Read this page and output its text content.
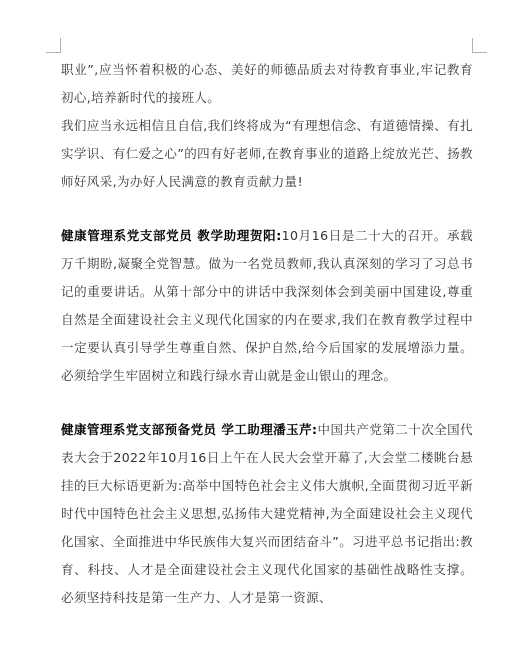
职业”,应当怀着积极的心态、美好的师德品质去对待教育事业,牢记教育初心,培养新时代的接班人。

我们应当永远相信且自信,我们终将成为“有理想信念、有道德情操、有扎实学识、有仁爱之心”的四有好老师,在教育事业的道路上绽放光芒、扬教师好风采,为办好人民满意的教育贡献力量!

健康管理系党支部党员 教学助理贺阳:10月16日是二十大的召开。承载万千期盼,凝聚全党智慧。做为一名党员教师,我认真深刻的学习了习总书记的重要讲话。从第十部分中的讲话中我深刻体会到美丽中国建设,尊重自然是全面建设社会主义现代化国家的内在要求,我们在教育教学过程中一定要认真引导学生尊重自然、保护自然,给今后国家的发展增添力量。必须给学生牢固树立和践行绿水青山就是金山银山的理念。

健康管理系党支部预备党员 学工助理潘玉芹:中国共产党第二十次全国代表大会于2022年10月16日上午在人民大会堂开幕了,大会堂二楼眺台悬挂的巨大标语更新为:高举中国特色社会主义伟大旗帜,全面贯彻习近平新时代中国特色社会主义思想,弘扬伟大建党精神,为全面建设社会主义现代化国家、全面推进中华民族伟大复兴而团结奋斗”。习进平总书记指出:教育、科技、人才是全面建设社会主义现代化国家的基础性战略性支撑。必须坚持科技是第一生产力、人才是第一资源、
